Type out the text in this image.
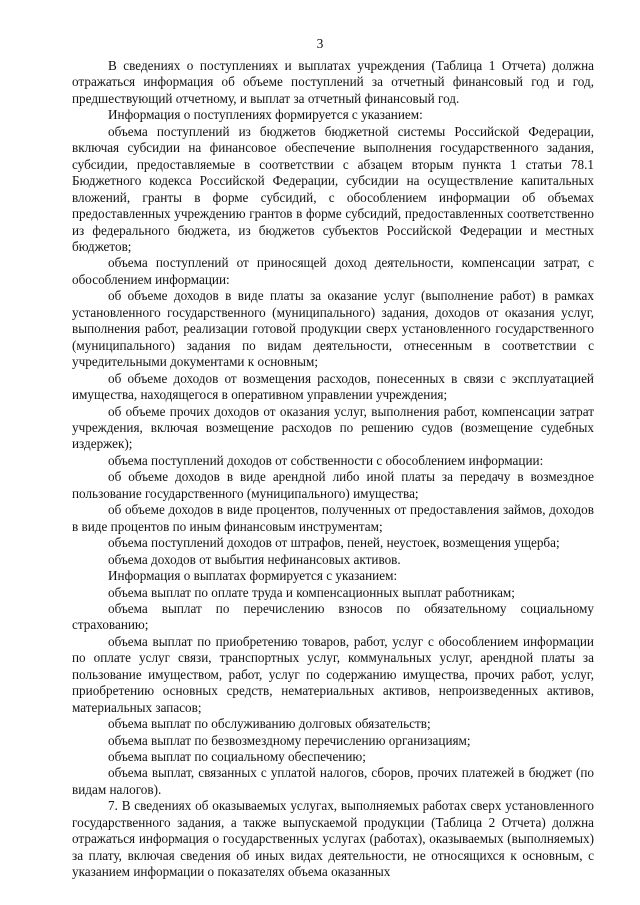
3

В сведениях о поступлениях и выплатах учреждения (Таблица 1 Отчета) должна отражаться информация об объеме поступлений за отчетный финансовый год и год, предшествующий отчетному, и выплат за отчетный финансовый год.

Информация о поступлениях формируется с указанием:

объема поступлений из бюджетов бюджетной системы Российской Федерации, включая субсидии на финансовое обеспечение выполнения государственного задания, субсидии, предоставляемые в соответствии с абзацем вторым пункта 1 статьи 78.1 Бюджетного кодекса Российской Федерации, субсидии на осуществление капитальных вложений, гранты в форме субсидий, с обособлением информации об объемах предоставленных учреждению грантов в форме субсидий, предоставленных соответственно из федерального бюджета, из бюджетов субъектов Российской Федерации и местных бюджетов;

объема поступлений от приносящей доход деятельности, компенсации затрат, с обособлением информации:

об объеме доходов в виде платы за оказание услуг (выполнение работ) в рамках установленного государственного (муниципального) задания, доходов от оказания услуг, выполнения работ, реализации готовой продукции сверх установленного государственного (муниципального) задания по видам деятельности, отнесенным в соответствии с учредительными документами к основным;

об объеме доходов от возмещения расходов, понесенных в связи с эксплуатацией имущества, находящегося в оперативном управлении учреждения;

об объеме прочих доходов от оказания услуг, выполнения работ, компенсации затрат учреждения, включая возмещение расходов по решению судов (возмещение судебных издержек);

объема поступлений доходов от собственности с обособлением информации:

об объеме доходов в виде арендной либо иной платы за передачу в возмездное пользование государственного (муниципального) имущества;

об объеме доходов в виде процентов, полученных от предоставления займов, доходов в виде процентов по иным финансовым инструментам;

объема поступлений доходов от штрафов, пеней, неустоек, возмещения ущерба;

объема доходов от выбытия нефинансовых активов.

Информация о выплатах формируется с указанием:

объема выплат по оплате труда и компенсационных выплат работникам;

объема выплат по перечислению взносов по обязательному социальному страхованию;

объема выплат по приобретению товаров, работ, услуг с обособлением информации по оплате услуг связи, транспортных услуг, коммунальных услуг, арендной платы за пользование имуществом, работ, услуг по содержанию имущества, прочих работ, услуг, приобретению основных средств, нематериальных активов, непроизведенных активов, материальных запасов;

объема выплат по обслуживанию долговых обязательств;

объема выплат по безвозмездному перечислению организациям;

объема выплат по социальному обеспечению;

объема выплат, связанных с уплатой налогов, сборов, прочих платежей в бюджет (по видам налогов).

7. В сведениях об оказываемых услугах, выполняемых работах сверх установленного государственного задания, а также выпускаемой продукции (Таблица 2 Отчета) должна отражаться информация о государственных услугах (работах), оказываемых (выполняемых) за плату, включая сведения об иных видах деятельности, не относящихся к основным, с указанием информации о показателях объема оказанных
